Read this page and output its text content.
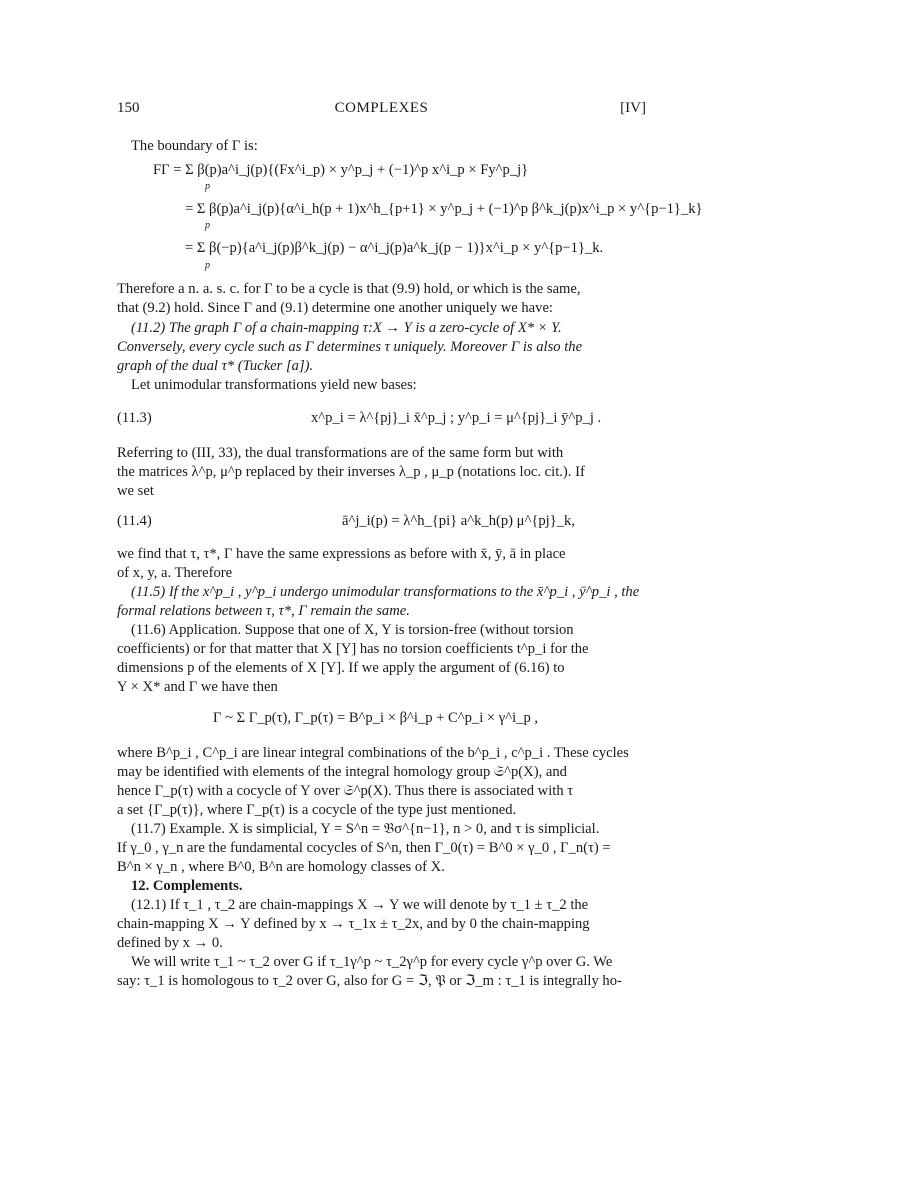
150	COMPLEXES	[IV]
The boundary of Γ is:
FΓ = Σ β(p)a^i_j(p){(Fx^i_p) × y^p_j + (−1)^p x^i_p × Fy^p_j}
p
= Σ β(p)a^i_j(p){α^i_h(p + 1)x^h_{p+1} × y^p_j + (−1)^p β^k_j(p)x^i_p × y^{p−1}_k}
p
= Σ β(−p){a^i_j(p)β^k_j(p) − α^i_j(p)a^k_j(p − 1)}x^i_p × y^{p−1}_k.
p
Therefore a n. a. s. c. for Γ to be a cycle is that (9.9) hold, or which is the same,
that (9.2) hold. Since Γ and (9.1) determine one another uniquely we have:
(11.2) The graph Γ of a chain-mapping τ:X → Y is a zero-cycle of X* × Y.
Conversely, every cycle such as Γ determines τ uniquely. Moreover Γ is also the
graph of the dual τ* (Tucker [a]).
Let unimodular transformations yield new bases:
(11.3)	x^p_i = λ^{pj}_i x̄^p_j ; y^p_i = μ^{pj}_i ȳ^p_j .
Referring to (III, 33), the dual transformations are of the same form but with
the matrices λ^p, μ^p replaced by their inverses λ_p , μ_p (notations loc. cit.). If
we set
(11.4)	ā^j_i(p) = λ^h_{pi} a^k_h(p) μ^{pj}_k,
we find that τ, τ*, Γ have the same expressions as before with x̄, ȳ, ā in place
of x, y, a. Therefore
(11.5) If the x^p_i , y^p_i undergo unimodular transformations to the x̄^p_i , ȳ^p_i , the
formal relations between τ, τ*, Γ remain the same.
(11.6) Application. Suppose that one of X, Y is torsion-free (without torsion
coefficients) or for that matter that X [Y] has no torsion coefficients t^p_i for the
dimensions p of the elements of X [Y]. If we apply the argument of (6.16) to
Y × X* and Γ we have then
Γ ~ Σ Γ_p(τ), Γ_p(τ) = B^p_i × β^i_p + C^p_i × γ^i_p ,
where B^p_i , C^p_i are linear integral combinations of the b^p_i , c^p_i . These cycles
may be identified with elements of the integral homology group 𝔖^p(X), and
hence Γ_p(τ) with a cocycle of Y over 𝔖^p(X). Thus there is associated with τ
a set {Γ_p(τ)}, where Γ_p(τ) is a cocycle of the type just mentioned.
(11.7) Example. X is simplicial, Y = S^n = 𝔅σ^{n−1}, n > 0, and τ is simplicial.
If γ_0 , γ_n are the fundamental cocycles of S^n, then Γ_0(τ) = B^0 × γ_0 , Γ_n(τ) =
B^n × γ_n , where B^0, B^n are homology classes of X.
12. Complements.
(12.1) If τ_1 , τ_2 are chain-mappings X → Y we will denote by τ_1 ± τ_2 the
chain-mapping X → Y defined by x → τ_1x ± τ_2x, and by 0 the chain-mapping
defined by x → 0.
We will write τ_1 ~ τ_2 over G if τ_1γ^p ~ τ_2γ^p for every cycle γ^p over G. We
say: τ_1 is homologous to τ_2 over G, also for G = ℑ, 𝔓 or ℑ_m : τ_1 is integrally ho-
